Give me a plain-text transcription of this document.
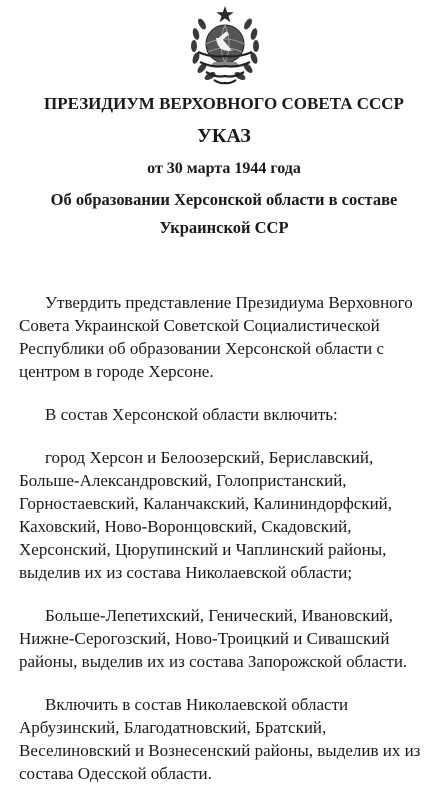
ПРЕЗИДИУМ ВЕРХОВНОГО СОВЕТА СССР

УКАЗ

от 30 марта 1944 года

Об образовании Херсонской области в составе

Украинской ССР

Утвердить представление Президиума Верховного Совета Украинской Советской Социалистической Республики об образовании Херсонской области с центром в городе Херсоне.

В состав Херсонской области включить:

город Херсон и Белоозерский, Бериславский, Больше-Александровский, Голопристанский, Горностаевский, Каланчакский, Калининдорфский, Каховский, Ново-Воронцовский, Скадовский, Херсонский, Цюрупинский и Чаплинский районы, выделив их из состава Николаевской области;

Больше-Лепетихский, Генический, Ивановский, Нижне-Серогозский, Ново-Троицкий и Сивашский районы, выделив их из состава Запорожской области.

Включить в состав Николаевской области Арбузинский, Благодатновский, Братский, Веселиновский и Вознесенский районы, выделив их из состава Одесской области.
